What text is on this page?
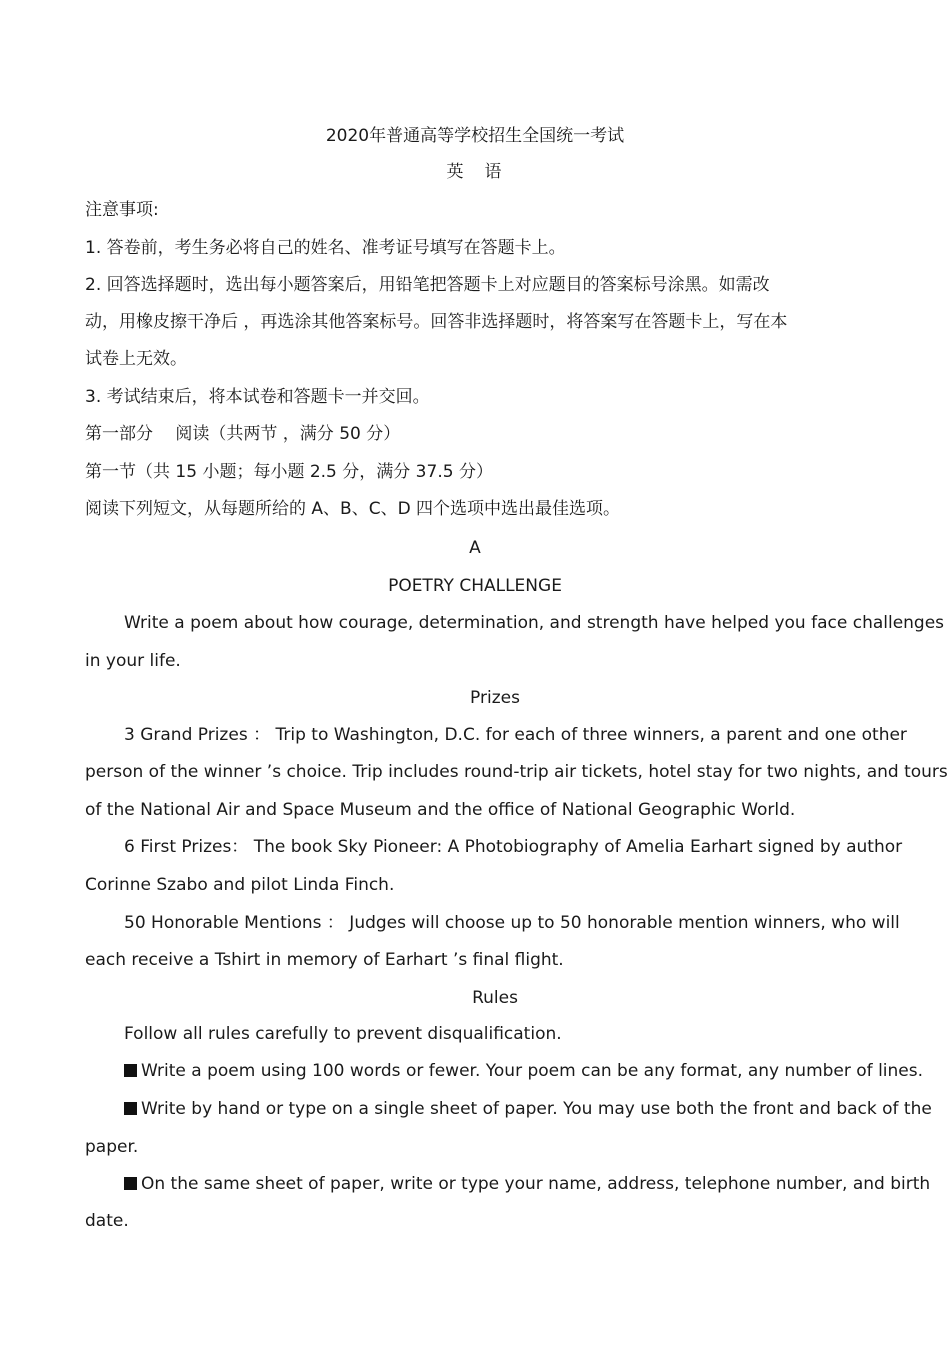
2020年普通高等学校招生全国统一考试
英　语
注意事项:
1. 答卷前，考生务必将自己的姓名、准考证号填写在答题卡上。
2. 回答选择题时，选出每小题答案后，用铅笔把答题卡上对应题目的答案标号涂黑。如需改
动，用橡皮擦干净后 ，再选涂其他答案标号。回答非选择题时，将答案写在答题卡上，写在本
试卷上无效。
3. 考试结束后，将本试卷和答题卡一并交回。
第一部分　 阅读（共两节 ，满分 50 分）
第一节（共 15 小题；每小题 2.5 分，满分 37.5 分）
阅读下列短文，从每题所给的 A、B、C、D 四个选项中选出最佳选项。
A
POETRY CHALLENGE
Write a poem about how courage, determination, and strength have helped you face challenges
in your life.
Prizes
3 Grand Prizes ： Trip to Washington, D.C. for each of three winners, a parent and one other
person of the winner ’s choice. Trip includes round-trip air tickets, hotel stay for two nights, and tours
of the National Air and Space Museum and the office of National Geographic World.
6 First Prizes： The book Sky Pioneer: A Photobiography of Amelia Earhart signed by author
Corinne Szabo and pilot Linda Finch.
50 Honorable Mentions ： Judges will choose up to 50 honorable mention winners, who will
each receive a Tshirt in memory of Earhart ’s final flight.
Rules
Follow all rules carefully to prevent disqualification.
Write a poem using 100 words or fewer. Your poem can be any format, any number of lines.
Write by hand or type on a single sheet of paper. You may use both the front and back of the
paper.
On the same sheet of paper, write or type your name, address, telephone number, and birth
date.
